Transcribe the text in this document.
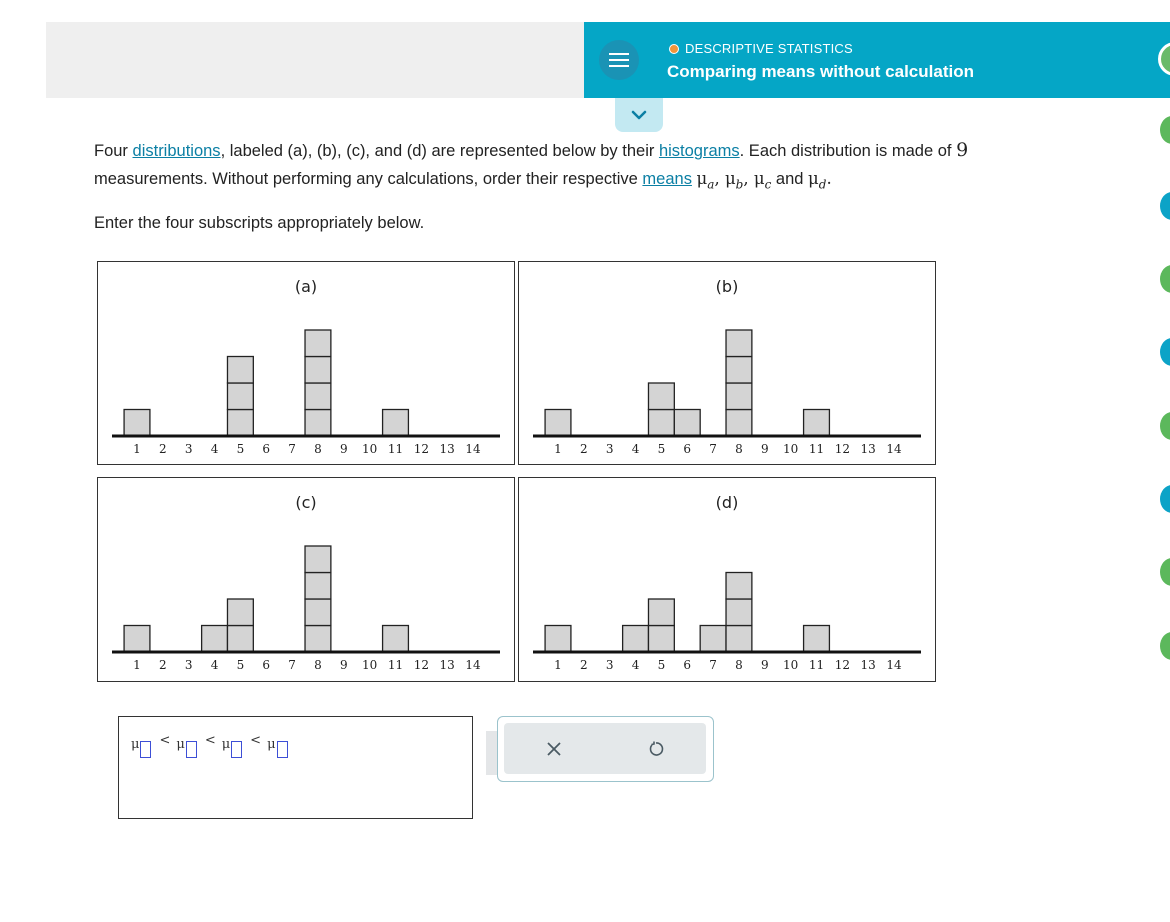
DESCRIPTIVE STATISTICS
Comparing means without calculation
Four distributions, labeled (a), (b), (c), and (d) are represented below by their histograms. Each distribution is made of 9
measurements. Without performing any calculations, order their respective means $\mu_a$, $\mu_b$, $\mu_c$ and $\mu_d$.
Enter the four subscripts appropriately below.
(a)
1 2 3 4 5 6 7 8 9 10 11 12 13 14
(b)
1 2 3 4 5 6 7 8 9 10 11 12 13 14
(c)
1 2 3 4 5 6 7 8 9 10 11 12 13 14
(d)
1 2 3 4 5 6 7 8 9 10 11 12 13 14
μ < μ < μ < μ
